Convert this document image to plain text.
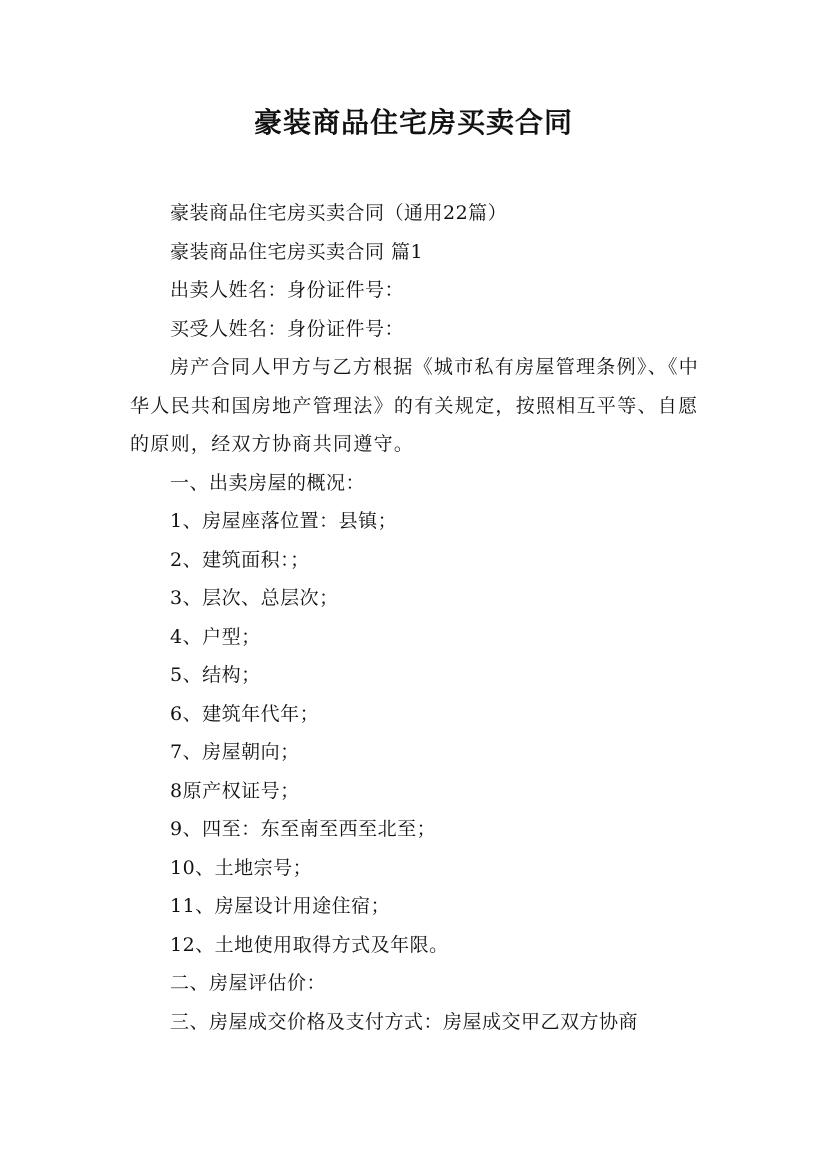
豪装商品住宅房买卖合同

豪装商品住宅房买卖合同（通用22篇）

豪装商品住宅房买卖合同 篇1

出卖人姓名：身份证件号：

买受人姓名：身份证件号：

房产合同人甲方与乙方根据《城市私有房屋管理条例》、《中华人民共和国房地产管理法》的有关规定，按照相互平等、自愿的原则，经双方协商共同遵守。

一、出卖房屋的概况：

1、房屋座落位置：县镇；

2、建筑面积：；

3、层次、总层次；

4、户型；

5、结构；

6、建筑年代年；

7、房屋朝向；

8原产权证号；

9、四至：东至南至西至北至；

10、土地宗号；

11、房屋设计用途住宿；

12、土地使用取得方式及年限。

二、房屋评估价：

三、房屋成交价格及支付方式：房屋成交甲乙双方协商
